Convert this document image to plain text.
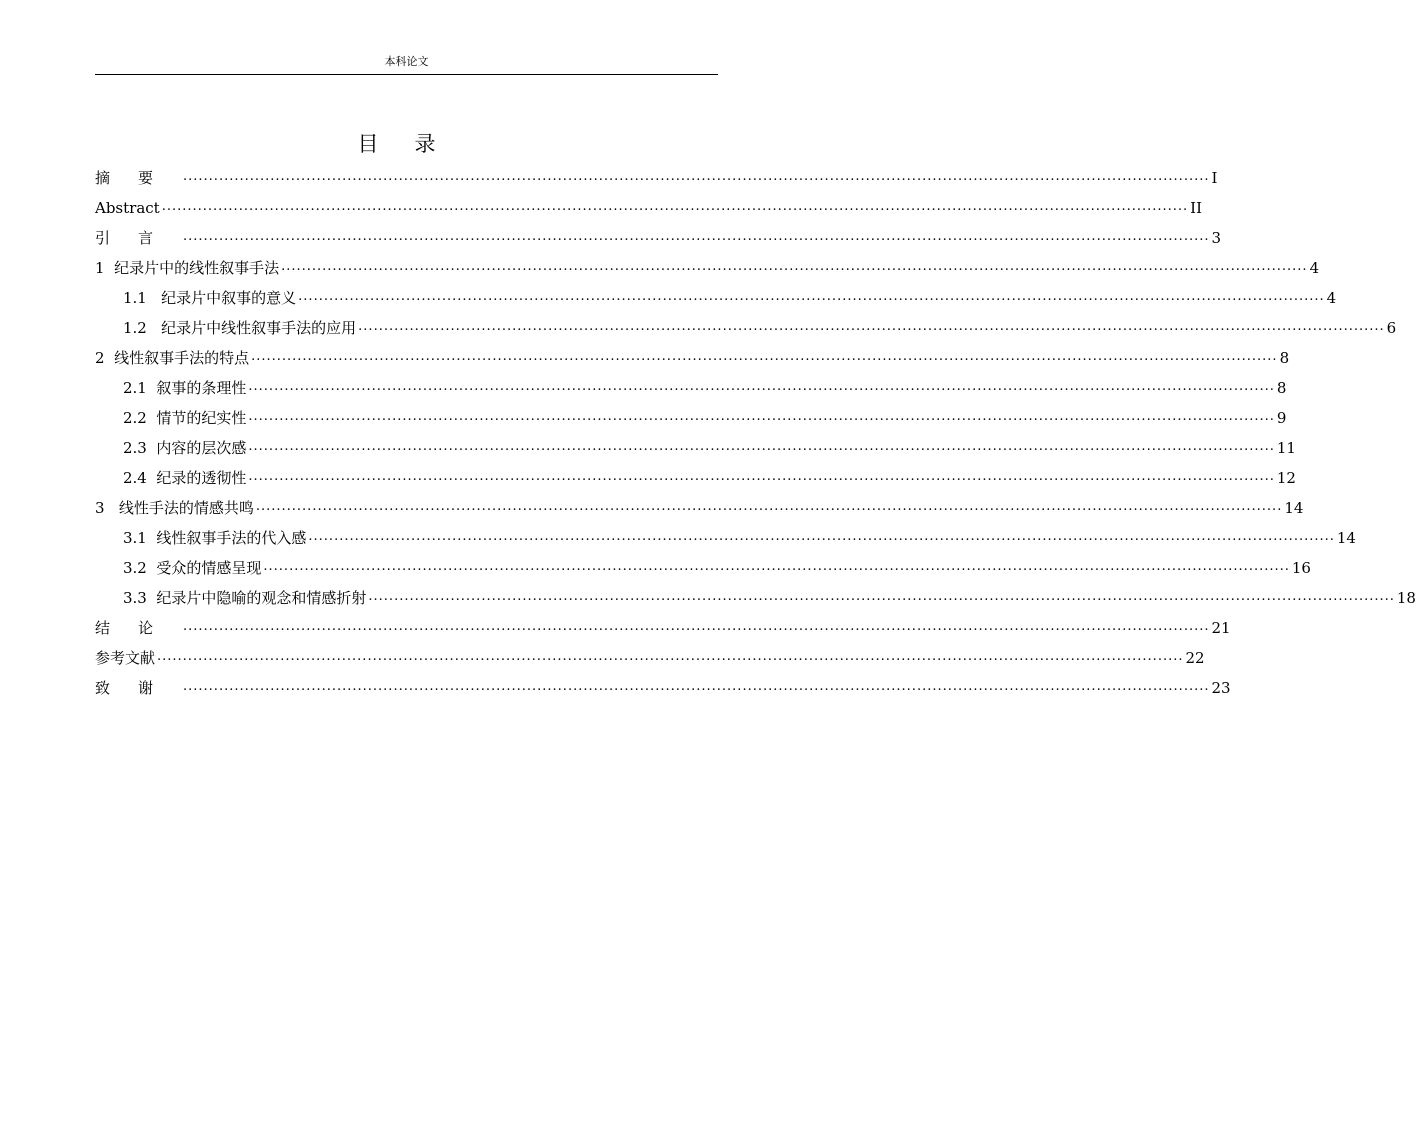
本科论文
目录
摘要 ........................................................................................................................................................................................................ I
Abstract ........................................................................................................................................................................................................ II
引言 ........................................................................................................................................................................................................ 3
1  纪录片中的线性叙事手法 ........................................................................................................................................................................................................ 4
1.1   纪录片中叙事的意义 ........................................................................................................................................................................................................ 4
1.2   纪录片中线性叙事手法的应用 ........................................................................................................................................................................................................ 6
2  线性叙事手法的特点 ........................................................................................................................................................................................................ 8
2.1  叙事的条理性 ........................................................................................................................................................................................................ 8
2.2  情节的纪实性 ........................................................................................................................................................................................................ 9
2.3  内容的层次感 ........................................................................................................................................................................................................ 11
2.4  纪录的透彻性 ........................................................................................................................................................................................................ 12
3   线性手法的情感共鸣 ........................................................................................................................................................................................................ 14
3.1  线性叙事手法的代入感 ........................................................................................................................................................................................................ 14
3.2  受众的情感呈现 ........................................................................................................................................................................................................ 16
3.3  纪录片中隐喻的观念和情感折射 ........................................................................................................................................................................................................ 18
结论 ........................................................................................................................................................................................................ 21
参考文献 ........................................................................................................................................................................................................ 22
致谢 ........................................................................................................................................................................................................ 23
